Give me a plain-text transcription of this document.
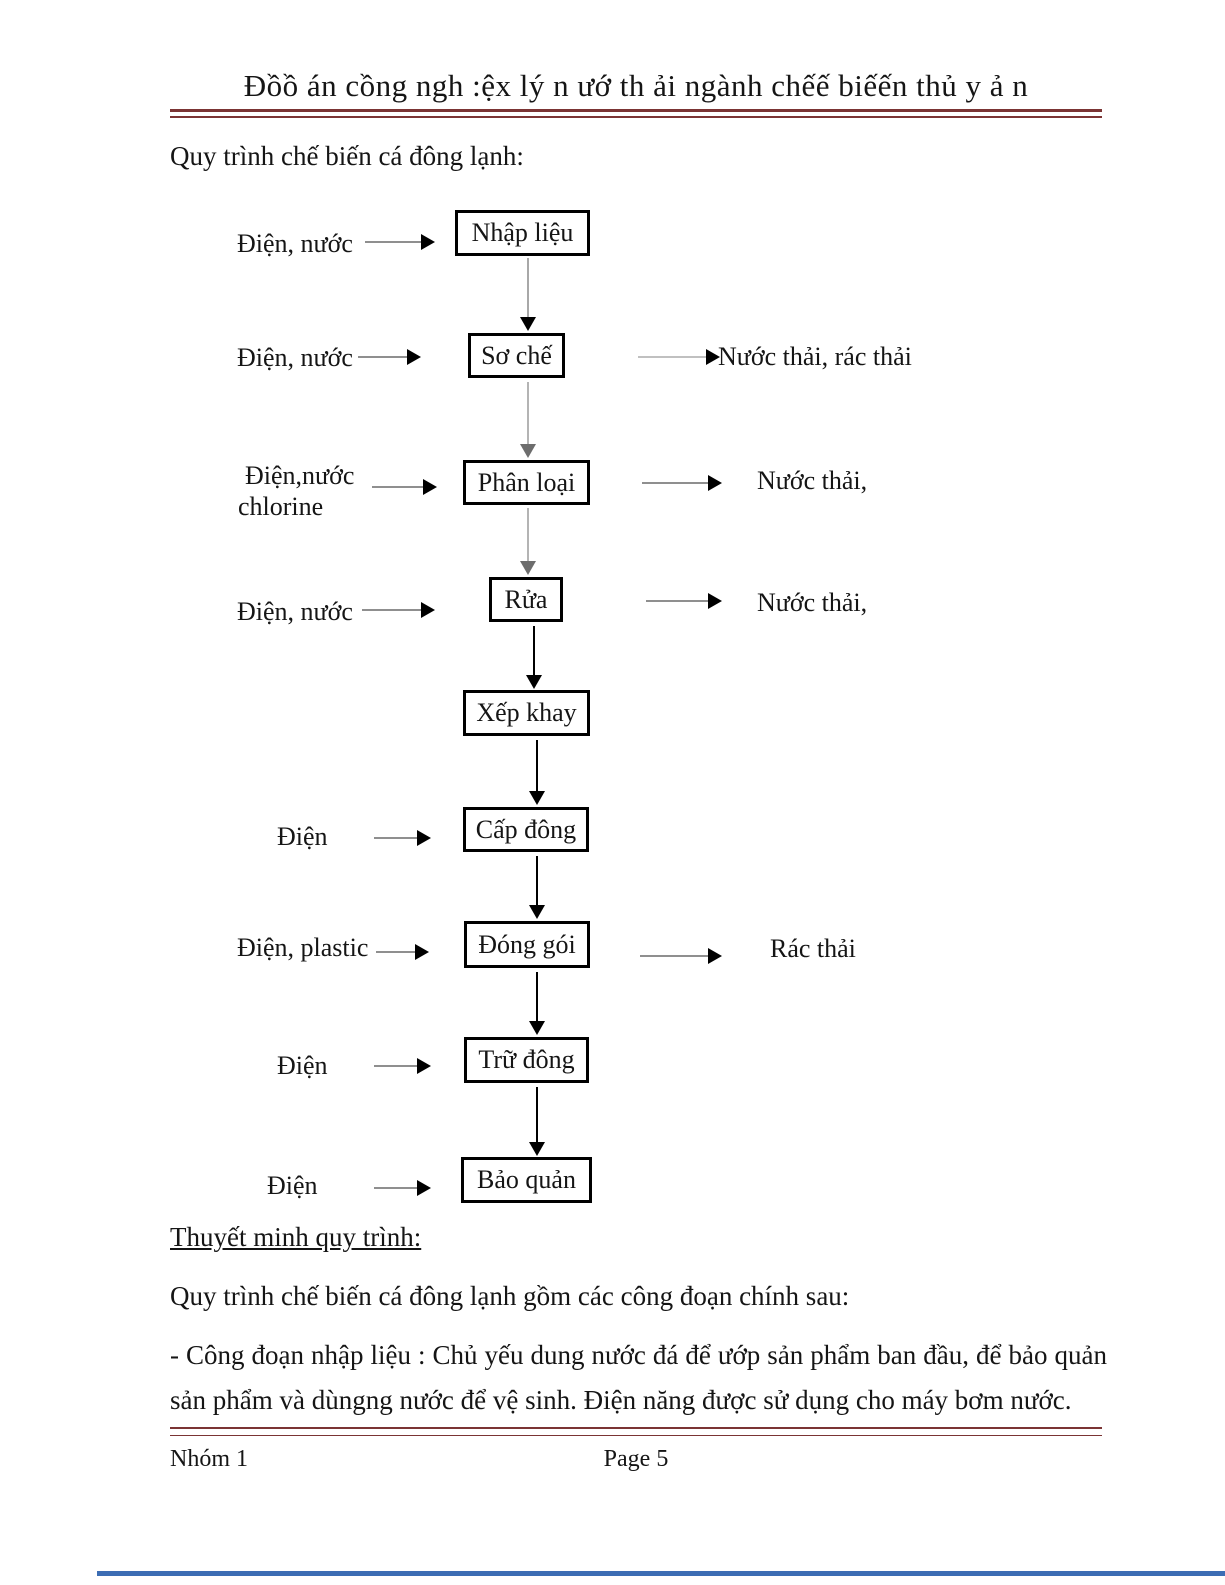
Đồồ án cồng ngh :ệx lý n ướ th ải ngành chếế biếến thủ y ả n
Quy trình chế biến cá đông lạnh:
Nhập liệu
Sơ chế
Phân loại
Rửa
Xếp khay
Cấp đông
Đóng gói
Trữ đông
Bảo quản
Điện, nước
Điện, nước
Điện,nước
chlorine
Điện, nước
Điện
Điện, plastic
Điện
Điện
Nước thải, rác thải
Nước thải,
Nước thải,
Rác thải
Thuyết minh quy trình:
Quy trình chế biến cá đông lạnh gồm các công đoạn chính sau:
- Công đoạn nhập liệu : Chủ yếu dung nước đá để ướp sản phẩm ban đầu, để bảo quản sản phẩm và dùngng nước để vệ sinh. Điện năng được sử dụng cho máy bơm nước.
Nhóm 1	Page 5
